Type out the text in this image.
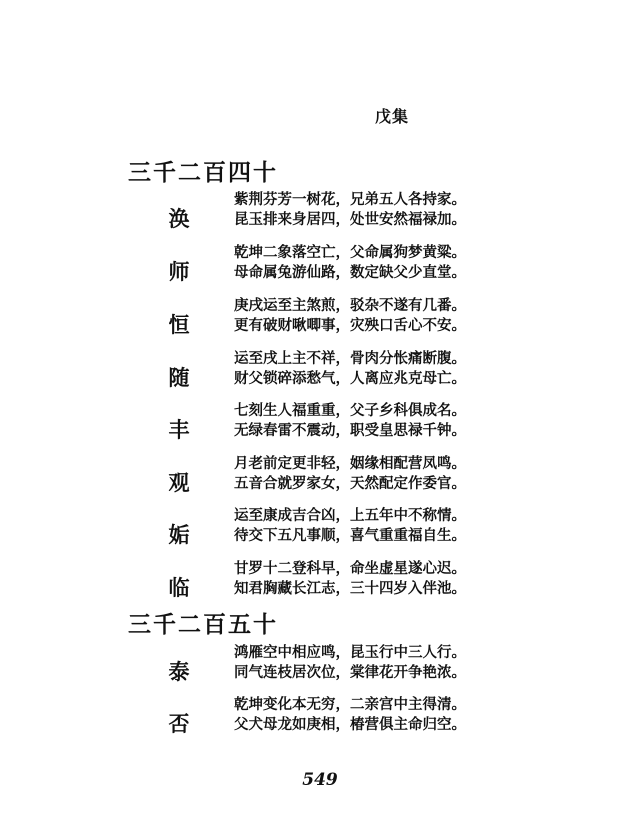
戊集
三千二百四十
涣
紫荆芬芳一树花，兄弟五人各持家。
昆玉排来身居四，处世安然福禄加。
师
乾坤二象落空亡，父命属狗梦黄粱。
母命属兔游仙路，数定缺父少直堂。
恒
庚戌运至主煞煎，驳杂不遂有几番。
更有破财啾唧事，灾殃口舌心不安。
随
运至戌上主不祥，骨肉分怅痛断腹。
财父锁碎添愁气，人离应兆克母亡。
丰
七刻生人福重重，父子乡科俱成名。
无绿春雷不震动，职受皇思禄千钟。
观
月老前定更非轻，姻缘相配营凤鸣。
五音合就罗家女，天然配定作委官。
姤
运至康成吉合凶，上五年中不称情。
待交下五凡事顺，喜气重重福自生。
临
甘罗十二登科早，命坐虚星遂心迟。
知君胸藏长江志，三十四岁入伴池。
三千二百五十
泰
鸿雁空中相应鸣，昆玉行中三人行。
同气连枝居次位，棠律花开争艳浓。
否
乾坤变化本无穷，二亲宫中主得清。
父犬母龙如庚相，椿营俱主命归空。
549
